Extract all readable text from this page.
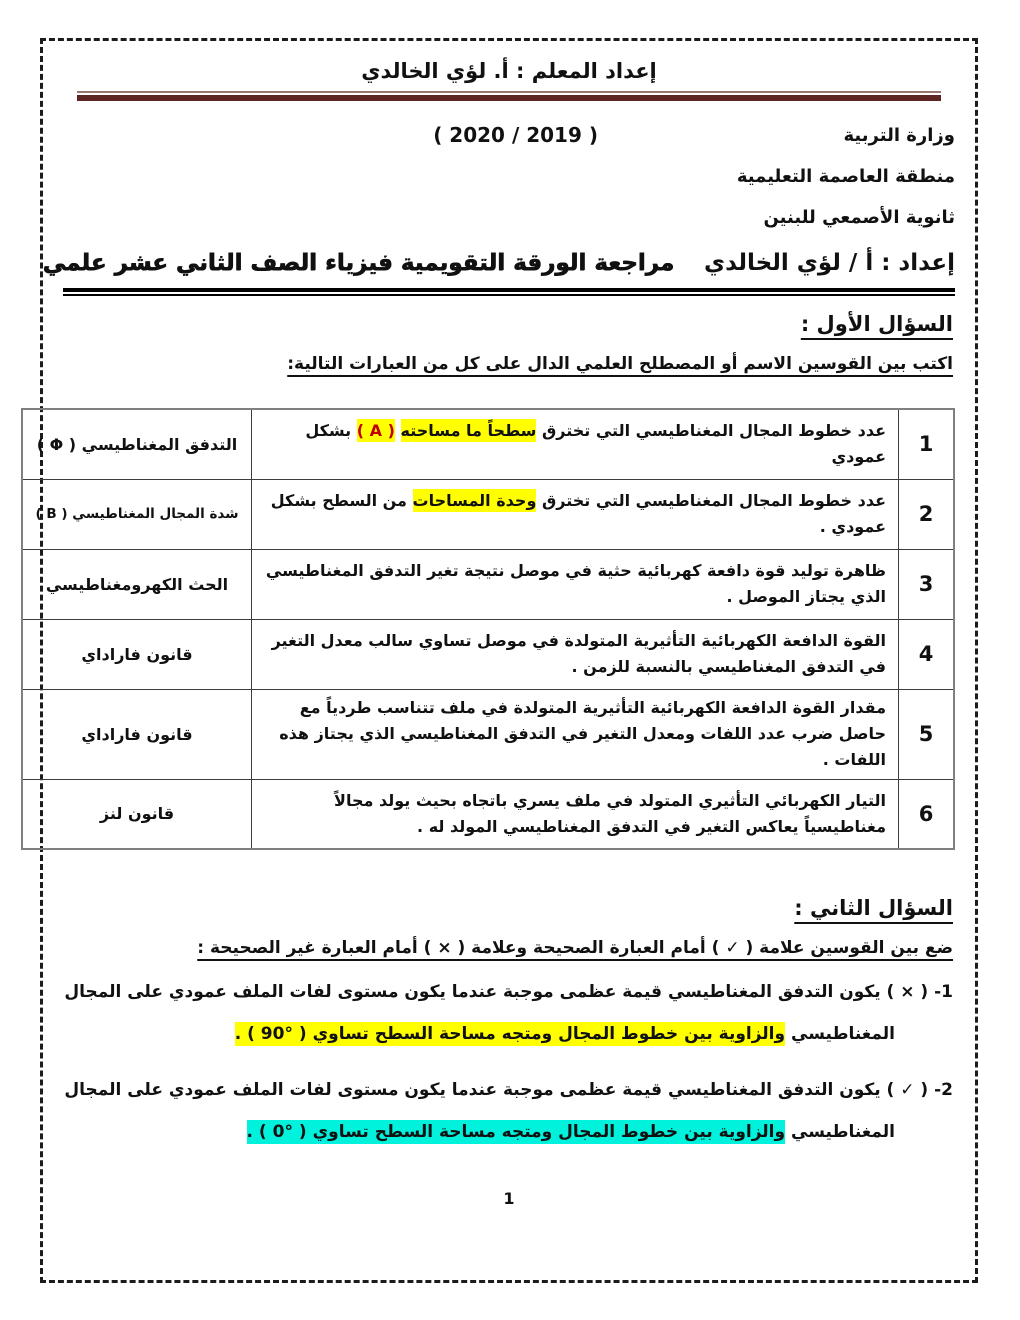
إعداد المعلم : أ. لؤي الخالدي
وزارة التربية
( 2019 / 2020 )
منطقة العاصمة التعليمية
ثانوية الأصمعي للبنين
إعداد : أ / لؤي الخالدي
مراجعة الورقة التقويمية فيزياء الصف الثاني عشر علمي
السؤال الأول :
اكتب بين القوسين الاسم أو المصطلح العلمي الدال على كل من العبارات التالية:
1	عدد خطوط المجال المغناطيسي التي تخترق سطحاً ما مساحته ( A ) بشكل عمودي	التدفق المغناطيسي ( Φ )
2	عدد خطوط المجال المغناطيسي التي تخترق وحدة المساحات من السطح بشكل عمودي .	شدة المجال المغناطيسي ( B )
3	ظاهرة توليد قوة دافعة كهربائية حثية في موصل نتيجة تغير التدفق المغناطيسي الذي يجتاز الموصل .	الحث الكهرومغناطيسي
4	القوة الدافعة الكهربائية التأثيرية المتولدة في موصل تساوي سالب معدل التغير في التدفق المغناطيسي بالنسبة للزمن .	قانون فاراداي
5	مقدار القوة الدافعة الكهربائية التأثيرية المتولدة في ملف تتناسب طردياً مع حاصل ضرب عدد اللفات ومعدل التغير في التدفق المغناطيسي الذي يجتاز هذه اللفات .	قانون فاراداي
6	التيار الكهربائي التأثيري المتولد في ملف يسري باتجاه بحيث يولد مجالاً مغناطيسياً يعاكس التغير في التدفق المغناطيسي المولد له .	قانون لنز
السؤال الثاني :
ضع بين القوسين علامة ( ✓ ) أمام العبارة الصحيحة وعلامة ( × ) أمام العبارة غير الصحيحة :
1- ( × ) يكون التدفق المغناطيسي قيمة عظمى موجبة عندما يكون مستوى لفات الملف عمودي على المجال
المغناطيسي والزاوية بين خطوط المجال ومتجه مساحة السطح تساوي ( °90 ) .
2- ( ✓ ) يكون التدفق المغناطيسي قيمة عظمى موجبة عندما يكون مستوى لفات الملف عمودي على المجال
المغناطيسي والزاوية بين خطوط المجال ومتجه مساحة السطح تساوي ( °0 ) .
1
